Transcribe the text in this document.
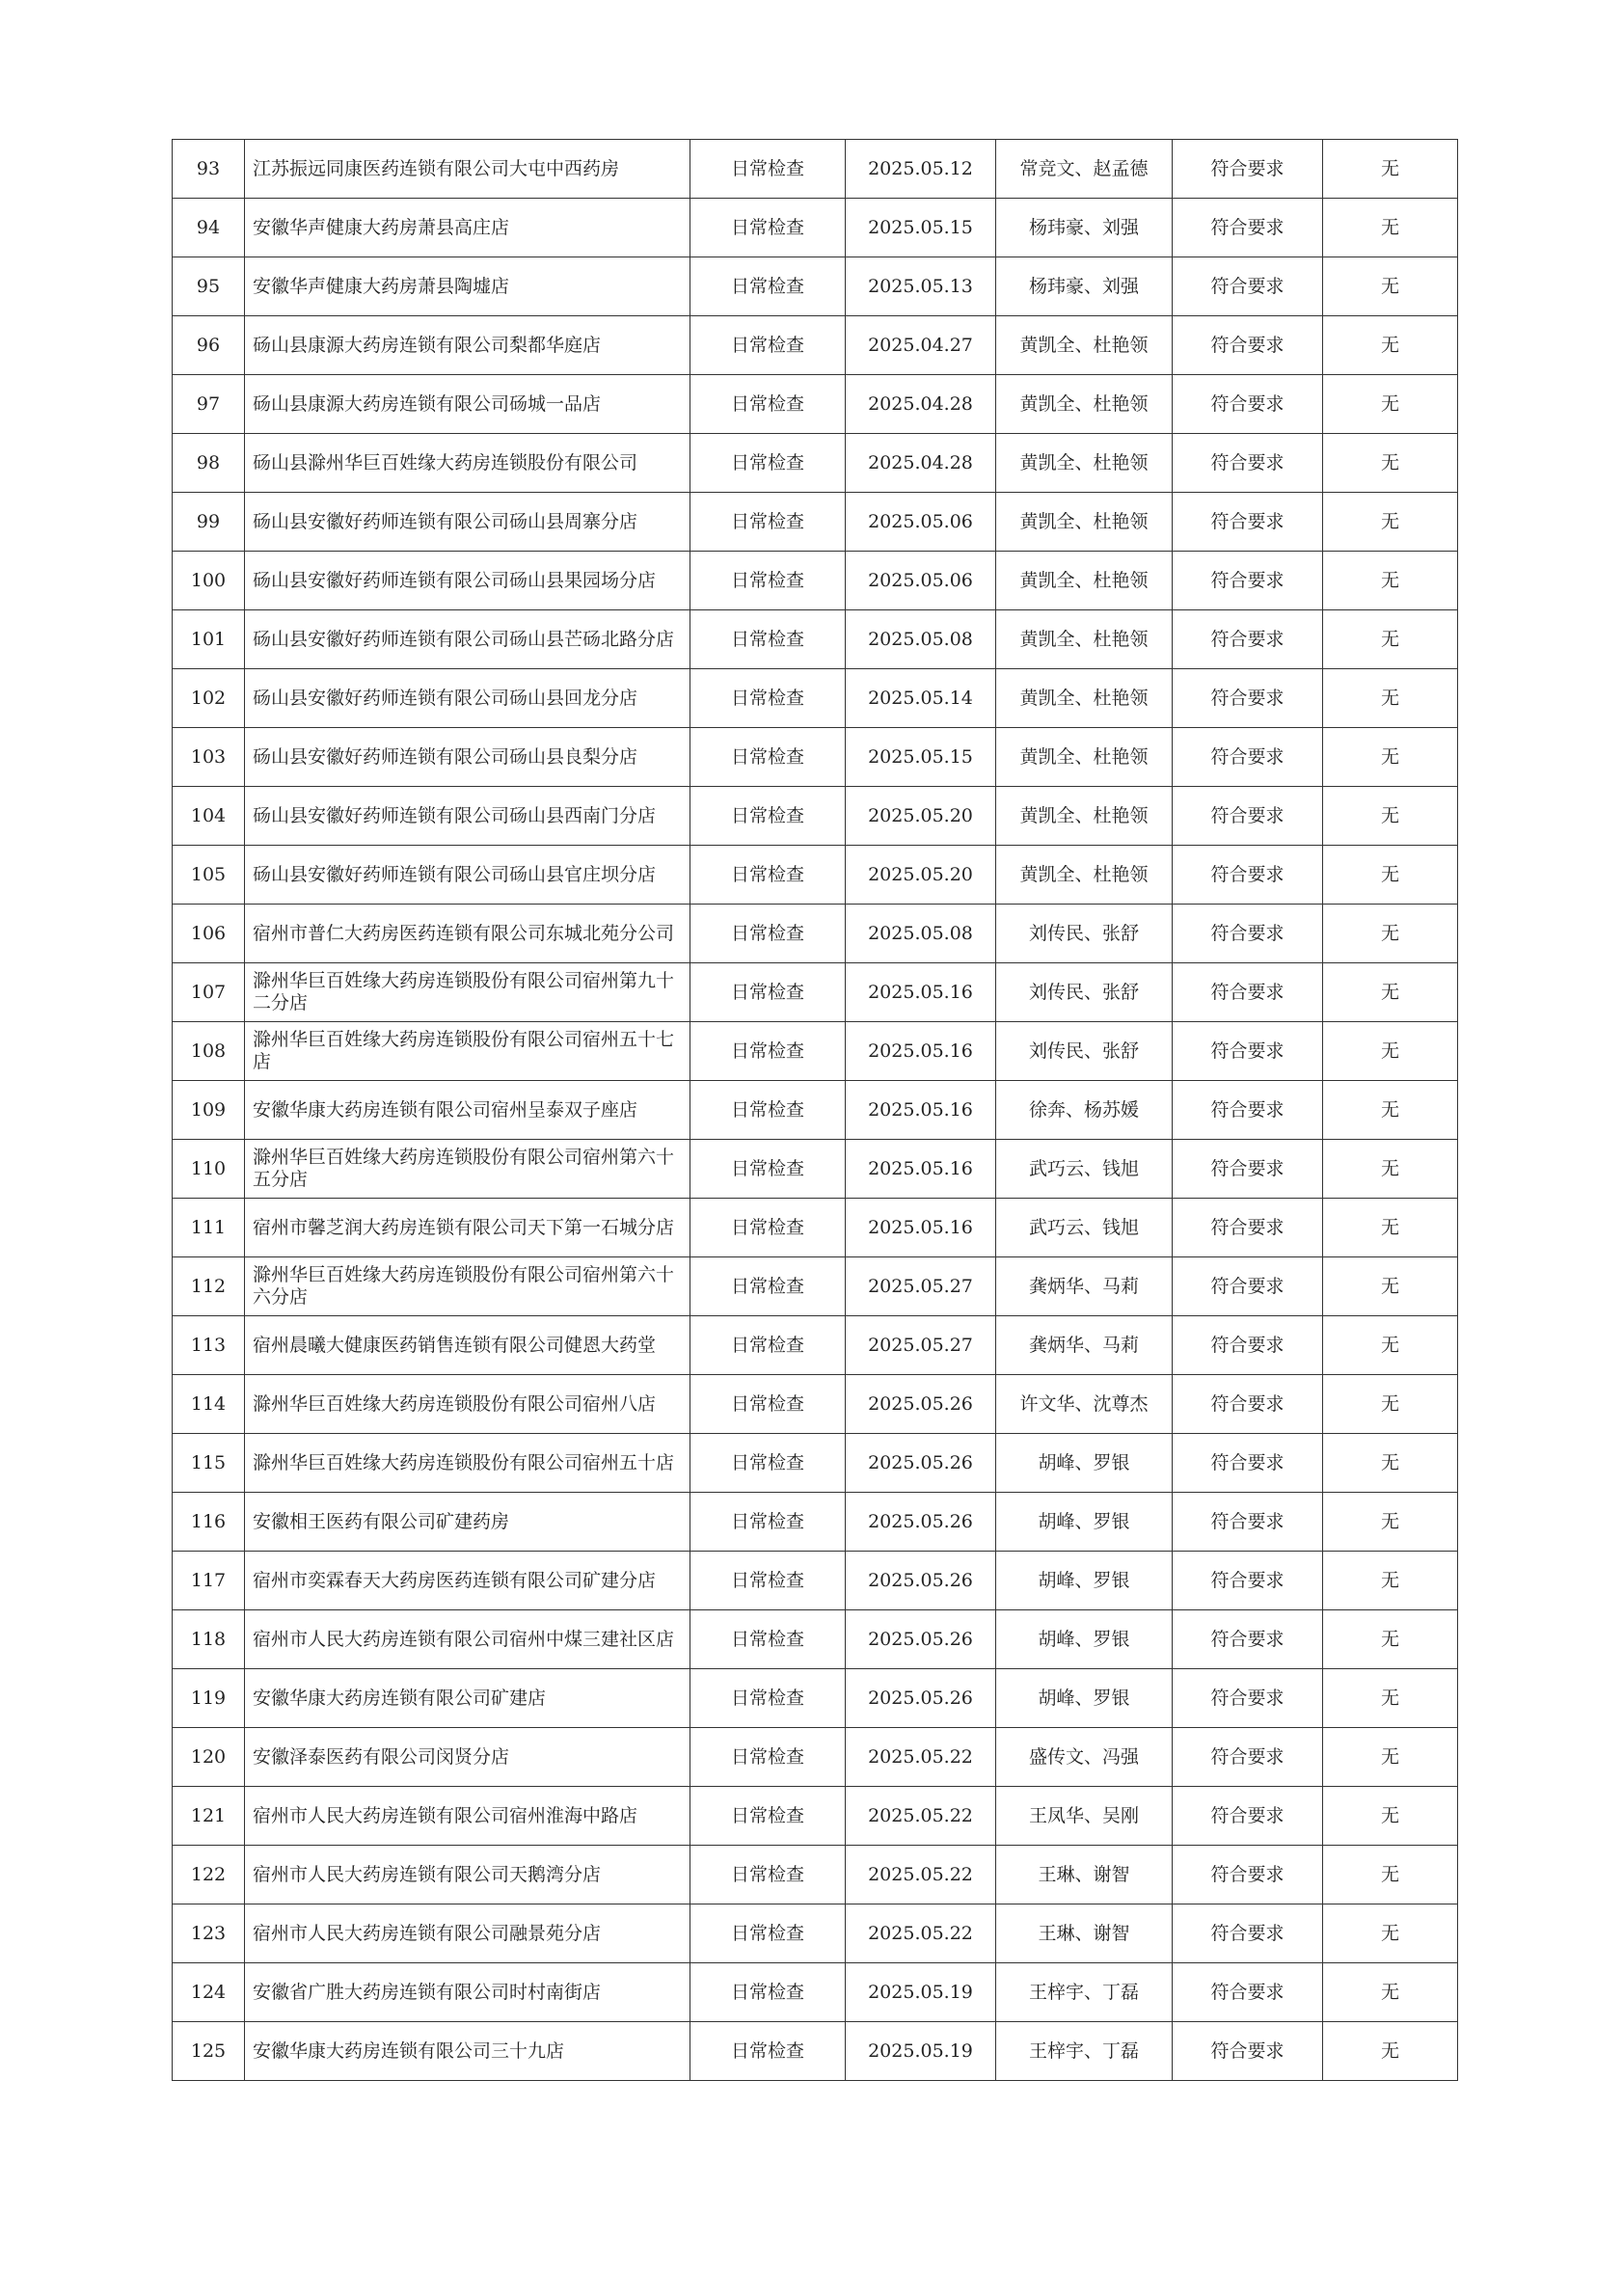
93	江苏振远同康医药连锁有限公司大屯中西药房	日常检查	2025.05.12	常竞文、赵孟德	符合要求	无
94	安徽华声健康大药房萧县高庄店	日常检查	2025.05.15	杨玮豪、刘强	符合要求	无
95	安徽华声健康大药房萧县陶墟店	日常检查	2025.05.13	杨玮豪、刘强	符合要求	无
96	砀山县康源大药房连锁有限公司梨都华庭店	日常检查	2025.04.27	黄凯全、杜艳领	符合要求	无
97	砀山县康源大药房连锁有限公司砀城一品店	日常检查	2025.04.28	黄凯全、杜艳领	符合要求	无
98	砀山县滁州华巨百姓缘大药房连锁股份有限公司	日常检查	2025.04.28	黄凯全、杜艳领	符合要求	无
99	砀山县安徽好药师连锁有限公司砀山县周寨分店	日常检查	2025.05.06	黄凯全、杜艳领	符合要求	无
100	砀山县安徽好药师连锁有限公司砀山县果园场分店	日常检查	2025.05.06	黄凯全、杜艳领	符合要求	无
101	砀山县安徽好药师连锁有限公司砀山县芒砀北路分店	日常检查	2025.05.08	黄凯全、杜艳领	符合要求	无
102	砀山县安徽好药师连锁有限公司砀山县回龙分店	日常检查	2025.05.14	黄凯全、杜艳领	符合要求	无
103	砀山县安徽好药师连锁有限公司砀山县良梨分店	日常检查	2025.05.15	黄凯全、杜艳领	符合要求	无
104	砀山县安徽好药师连锁有限公司砀山县西南门分店	日常检查	2025.05.20	黄凯全、杜艳领	符合要求	无
105	砀山县安徽好药师连锁有限公司砀山县官庄坝分店	日常检查	2025.05.20	黄凯全、杜艳领	符合要求	无
106	宿州市普仁大药房医药连锁有限公司东城北苑分公司	日常检查	2025.05.08	刘传民、张舒	符合要求	无
107	滁州华巨百姓缘大药房连锁股份有限公司宿州第九十二分店	日常检查	2025.05.16	刘传民、张舒	符合要求	无
108	滁州华巨百姓缘大药房连锁股份有限公司宿州五十七店	日常检查	2025.05.16	刘传民、张舒	符合要求	无
109	安徽华康大药房连锁有限公司宿州呈泰双子座店	日常检查	2025.05.16	徐奔、杨苏媛	符合要求	无
110	滁州华巨百姓缘大药房连锁股份有限公司宿州第六十五分店	日常检查	2025.05.16	武巧云、钱旭	符合要求	无
111	宿州市馨芝润大药房连锁有限公司天下第一石城分店	日常检查	2025.05.16	武巧云、钱旭	符合要求	无
112	滁州华巨百姓缘大药房连锁股份有限公司宿州第六十六分店	日常检查	2025.05.27	龚炳华、马莉	符合要求	无
113	宿州晨曦大健康医药销售连锁有限公司健恩大药堂	日常检查	2025.05.27	龚炳华、马莉	符合要求	无
114	滁州华巨百姓缘大药房连锁股份有限公司宿州八店	日常检查	2025.05.26	许文华、沈尊杰	符合要求	无
115	滁州华巨百姓缘大药房连锁股份有限公司宿州五十店	日常检查	2025.05.26	胡峰、罗银	符合要求	无
116	安徽相王医药有限公司矿建药房	日常检查	2025.05.26	胡峰、罗银	符合要求	无
117	宿州市奕霖春天大药房医药连锁有限公司矿建分店	日常检查	2025.05.26	胡峰、罗银	符合要求	无
118	宿州市人民大药房连锁有限公司宿州中煤三建社区店	日常检查	2025.05.26	胡峰、罗银	符合要求	无
119	安徽华康大药房连锁有限公司矿建店	日常检查	2025.05.26	胡峰、罗银	符合要求	无
120	安徽泽泰医药有限公司闵贤分店	日常检查	2025.05.22	盛传文、冯强	符合要求	无
121	宿州市人民大药房连锁有限公司宿州淮海中路店	日常检查	2025.05.22	王凤华、吴刚	符合要求	无
122	宿州市人民大药房连锁有限公司天鹅湾分店	日常检查	2025.05.22	王琳、谢智	符合要求	无
123	宿州市人民大药房连锁有限公司融景苑分店	日常检查	2025.05.22	王琳、谢智	符合要求	无
124	安徽省广胜大药房连锁有限公司时村南街店	日常检查	2025.05.19	王梓宇、丁磊	符合要求	无
125	安徽华康大药房连锁有限公司三十九店	日常检查	2025.05.19	王梓宇、丁磊	符合要求	无
